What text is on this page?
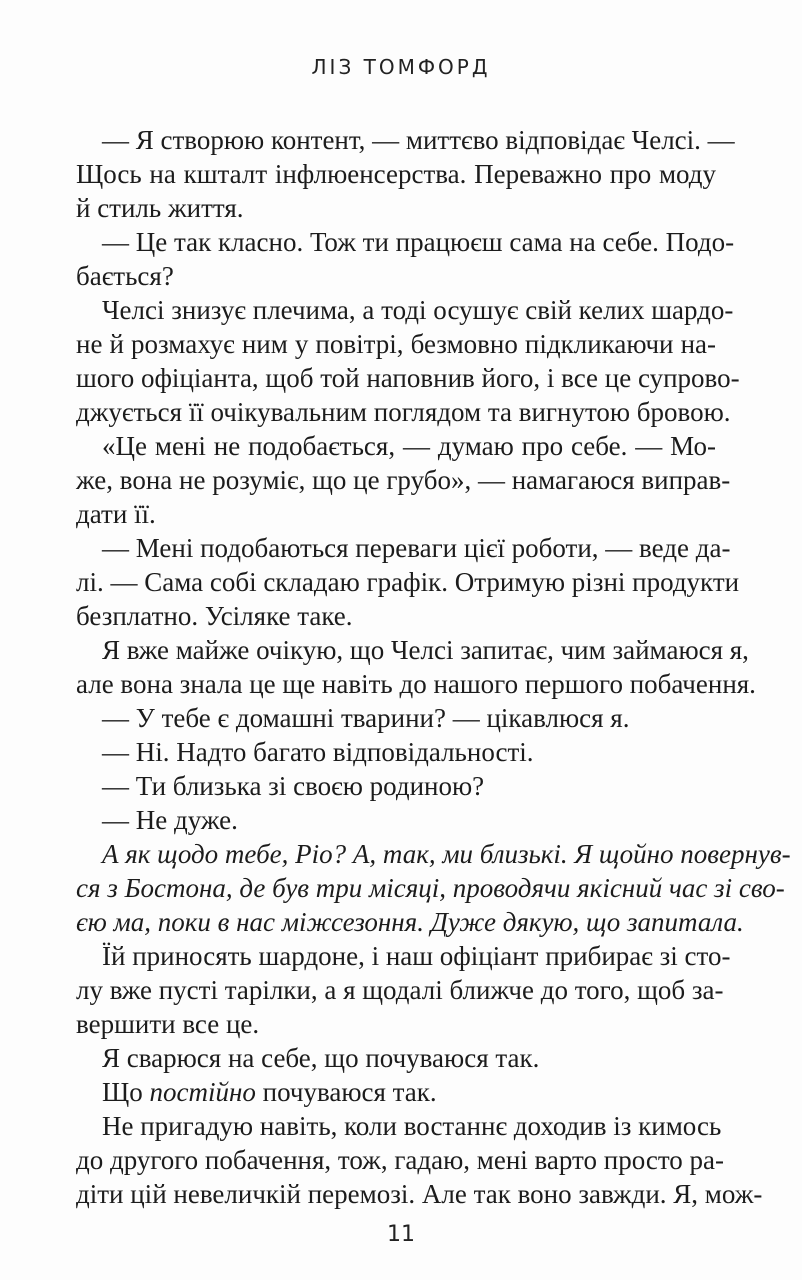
ЛІЗ ТОМФОРД
— Я створюю контент, — миттєво відповідає Челсі. —
Щось на кшталт інфлюенсерства. Переважно про моду
й стиль життя.
— Це так класно. Тож ти працюєш сама на себе. Подо-
бається?
Челсі знизує плечима, а тоді осушує свій келих шардо-
не й розмахує ним у повітрі, безмовно підкликаючи на-
шого офіціанта, щоб той наповнив його, і все це супрово-
джується її очікувальним поглядом та вигнутою бровою.
«Це мені не подобається, — думаю про себе. — Мо-
же, вона не розуміє, що це грубо», — намагаюся виправ-
дати її.
— Мені подобаються переваги цієї роботи, — веде да-
лі. — Сама собі складаю графік. Отримую різні продукти
безплатно. Усіляке таке.
Я вже майже очікую, що Челсі запитає, чим займаюся я,
але вона знала це ще навіть до нашого першого побачення.
— У тебе є домашні тварини? — цікавлюся я.
— Ні. Надто багато відповідальності.
— Ти близька зі своєю родиною?
— Не дуже.
А як щодо тебе, Ріо? А, так, ми близькі. Я щойно повернув-
ся з Бостона, де був три місяці, проводячи якісний час зі сво-
єю ма, поки в нас міжсезоння. Дуже дякую, що запитала.
Їй приносять шардоне, і наш офіціант прибирає зі сто-
лу вже пусті тарілки, а я щодалі ближче до того, щоб за-
вершити все це.
Я сварюся на себе, що почуваюся так.
Що постійно почуваюся так.
Не пригадую навіть, коли востаннє доходив із кимось
до другого побачення, тож, гадаю, мені варто просто ра-
діти цій невеличкій перемозі. Але так воно завжди. Я, мож-
11
